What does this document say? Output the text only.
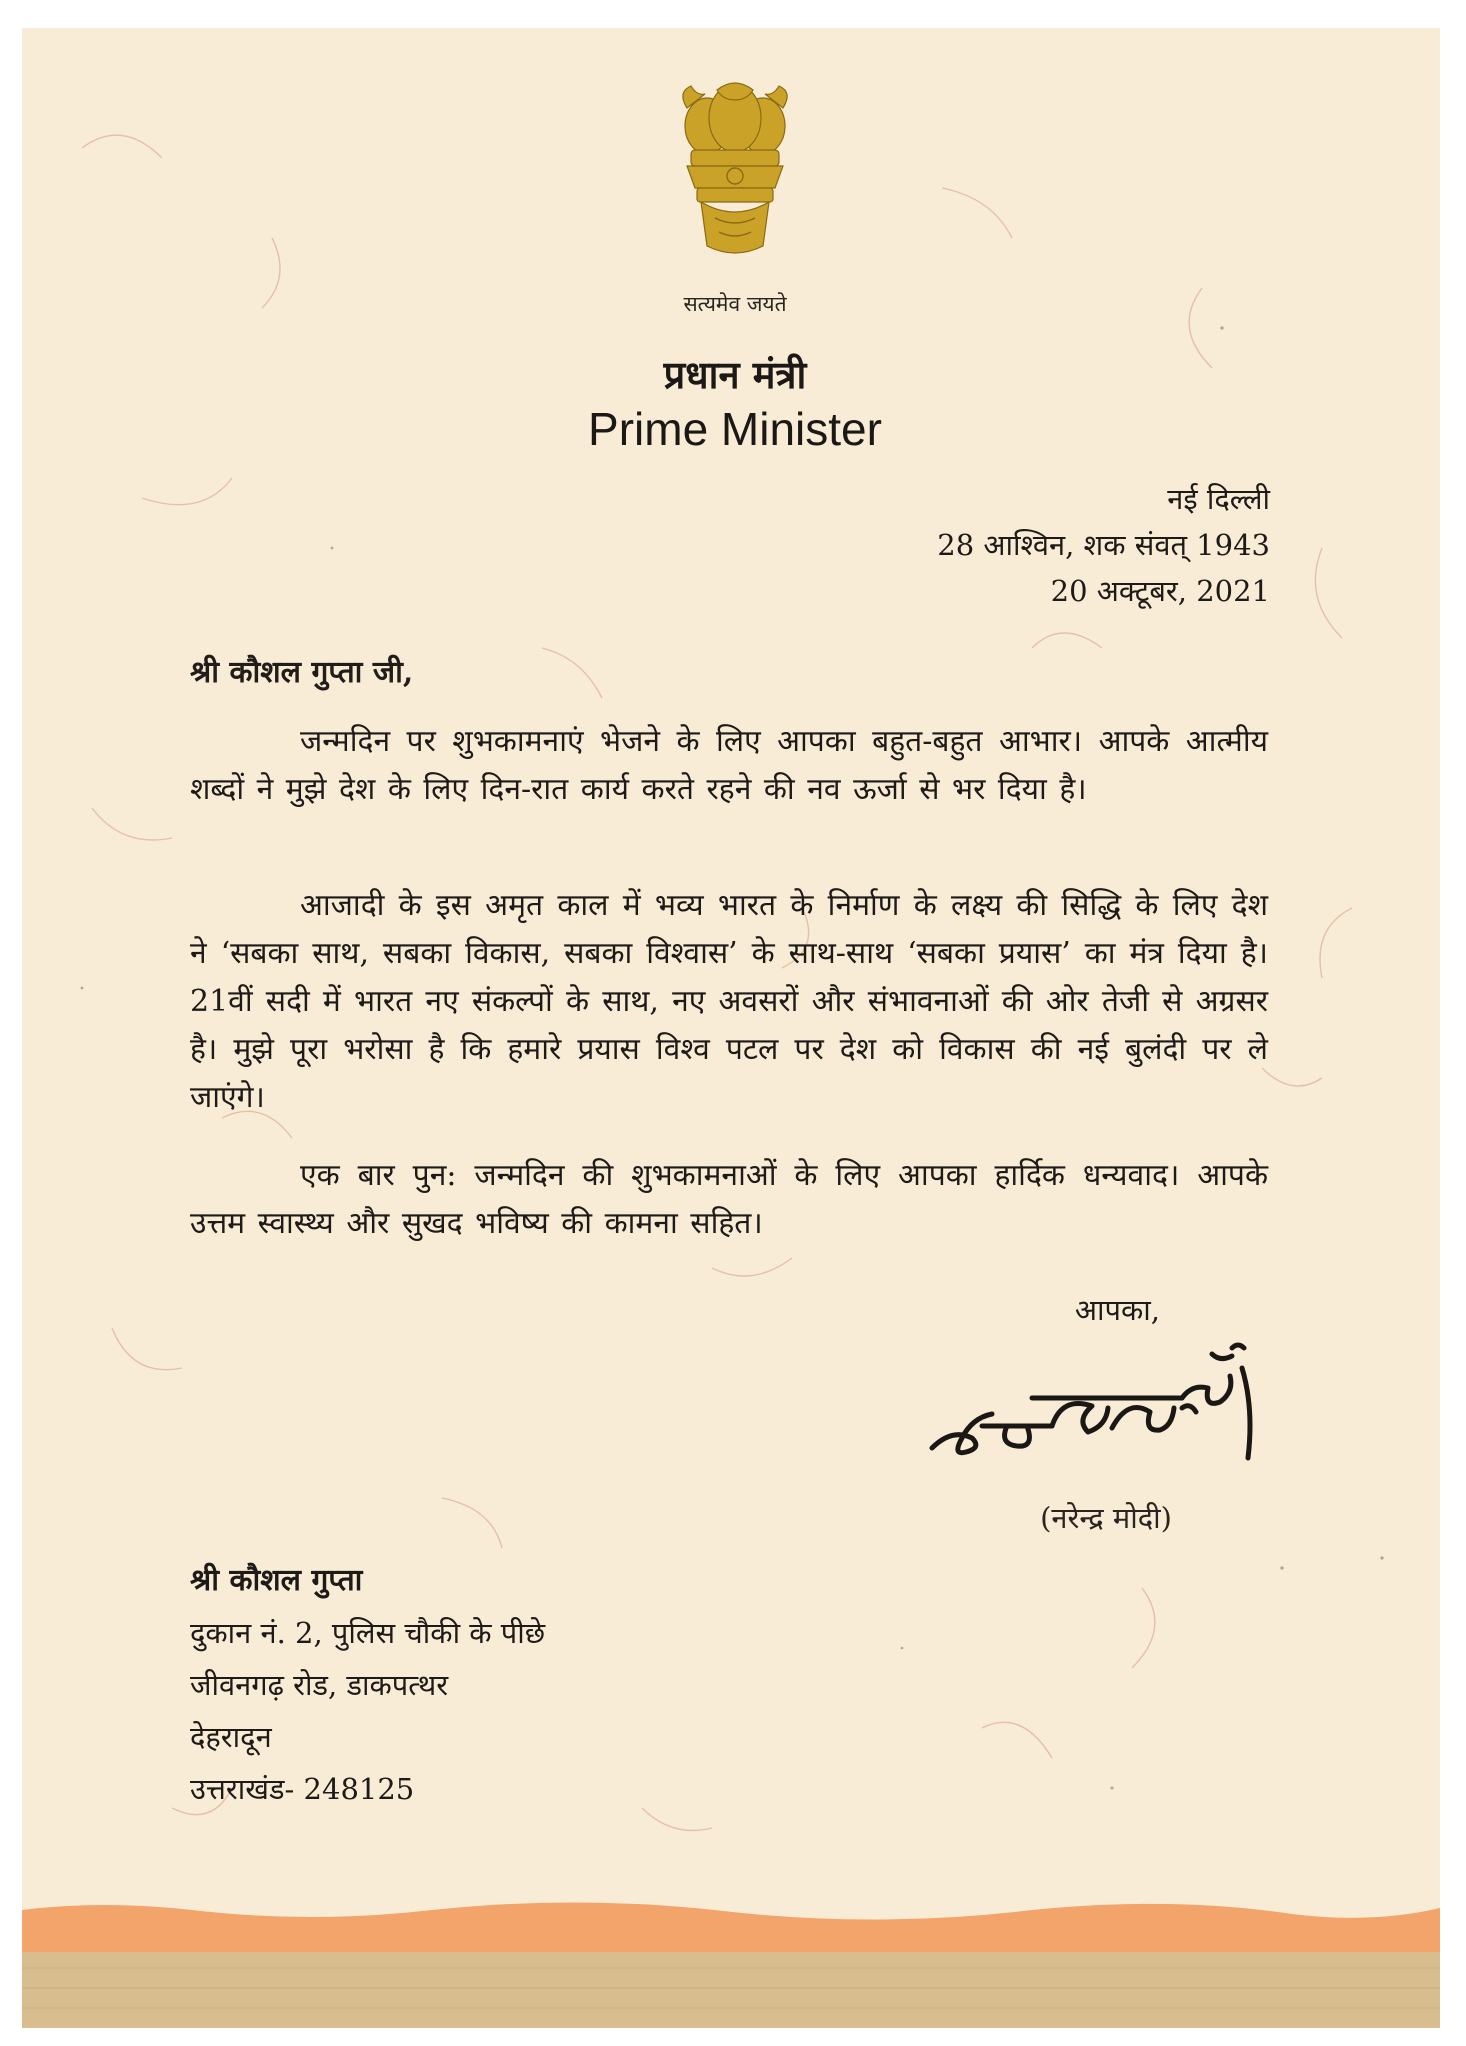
सत्यमेव जयते
प्रधान मंत्री
Prime Minister
नई दिल्ली
28 आश्विन, शक संवत् 1943
20 अक्टूबर, 2021
श्री कौशल गुप्ता जी,
जन्मदिन पर शुभकामनाएं भेजने के लिए आपका बहुत-बहुत आभार। आपके आत्मीय शब्दों ने मुझे देश के लिए दिन-रात कार्य करते रहने की नव ऊर्जा से भर दिया है।
आजादी के इस अमृत काल में भव्य भारत के निर्माण के लक्ष्य की सिद्धि के लिए देश ने ‘सबका साथ, सबका विकास, सबका विश्वास’ के साथ-साथ ‘सबका प्रयास’ का मंत्र दिया है। 21वीं सदी में भारत नए संकल्पों के साथ, नए अवसरों और संभावनाओं की ओर तेजी से अग्रसर है। मुझे पूरा भरोसा है कि हमारे प्रयास विश्व पटल पर देश को विकास की नई बुलंदी पर ले जाएंगे।
एक बार पुन: जन्मदिन की शुभकामनाओं के लिए आपका हार्दिक धन्यवाद। आपके उत्तम स्वास्थ्य और सुखद भविष्य की कामना सहित।
आपका,
(नरेन्द्र मोदी)
श्री कौशल गुप्ता
दुकान नं. 2, पुलिस चौकी के पीछे
जीवनगढ़ रोड, डाकपत्थर
देहरादून
उत्तराखंड- 248125
